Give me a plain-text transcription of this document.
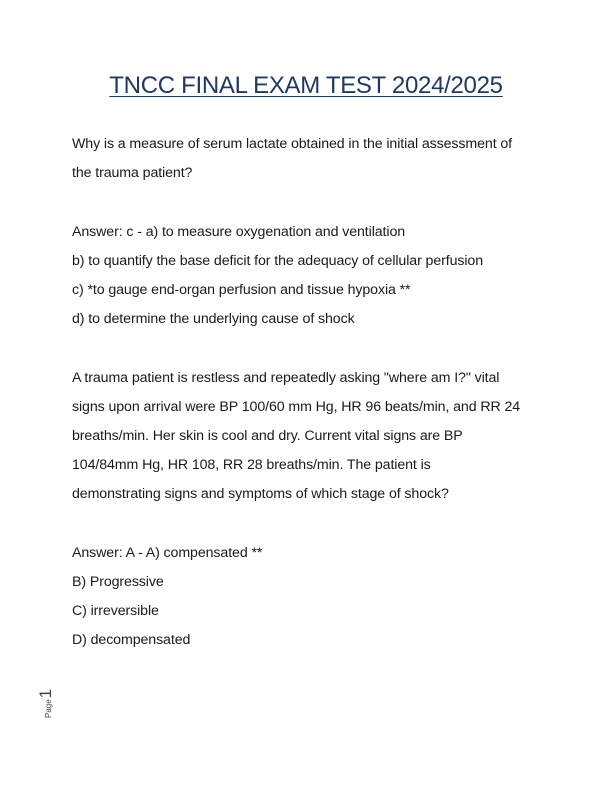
TNCC FINAL EXAM TEST 2024/2025
Why is a measure of serum lactate obtained in the initial assessment of
the trauma patient?
Answer: c - a) to measure oxygenation and ventilation
b) to quantify the base deficit for the adequacy of cellular perfusion
c) *to gauge end-organ perfusion and tissue hypoxia **
d) to determine the underlying cause of shock
A trauma patient is restless and repeatedly asking "where am I?" vital
signs upon arrival were BP 100/60 mm Hg, HR 96 beats/min, and RR 24
breaths/min. Her skin is cool and dry. Current vital signs are BP
104/84mm Hg, HR 108, RR 28 breaths/min. The patient is
demonstrating signs and symptoms of which stage of shock?
Answer: A - A) compensated **
B) Progressive
C) irreversible
D) decompensated
Page1
